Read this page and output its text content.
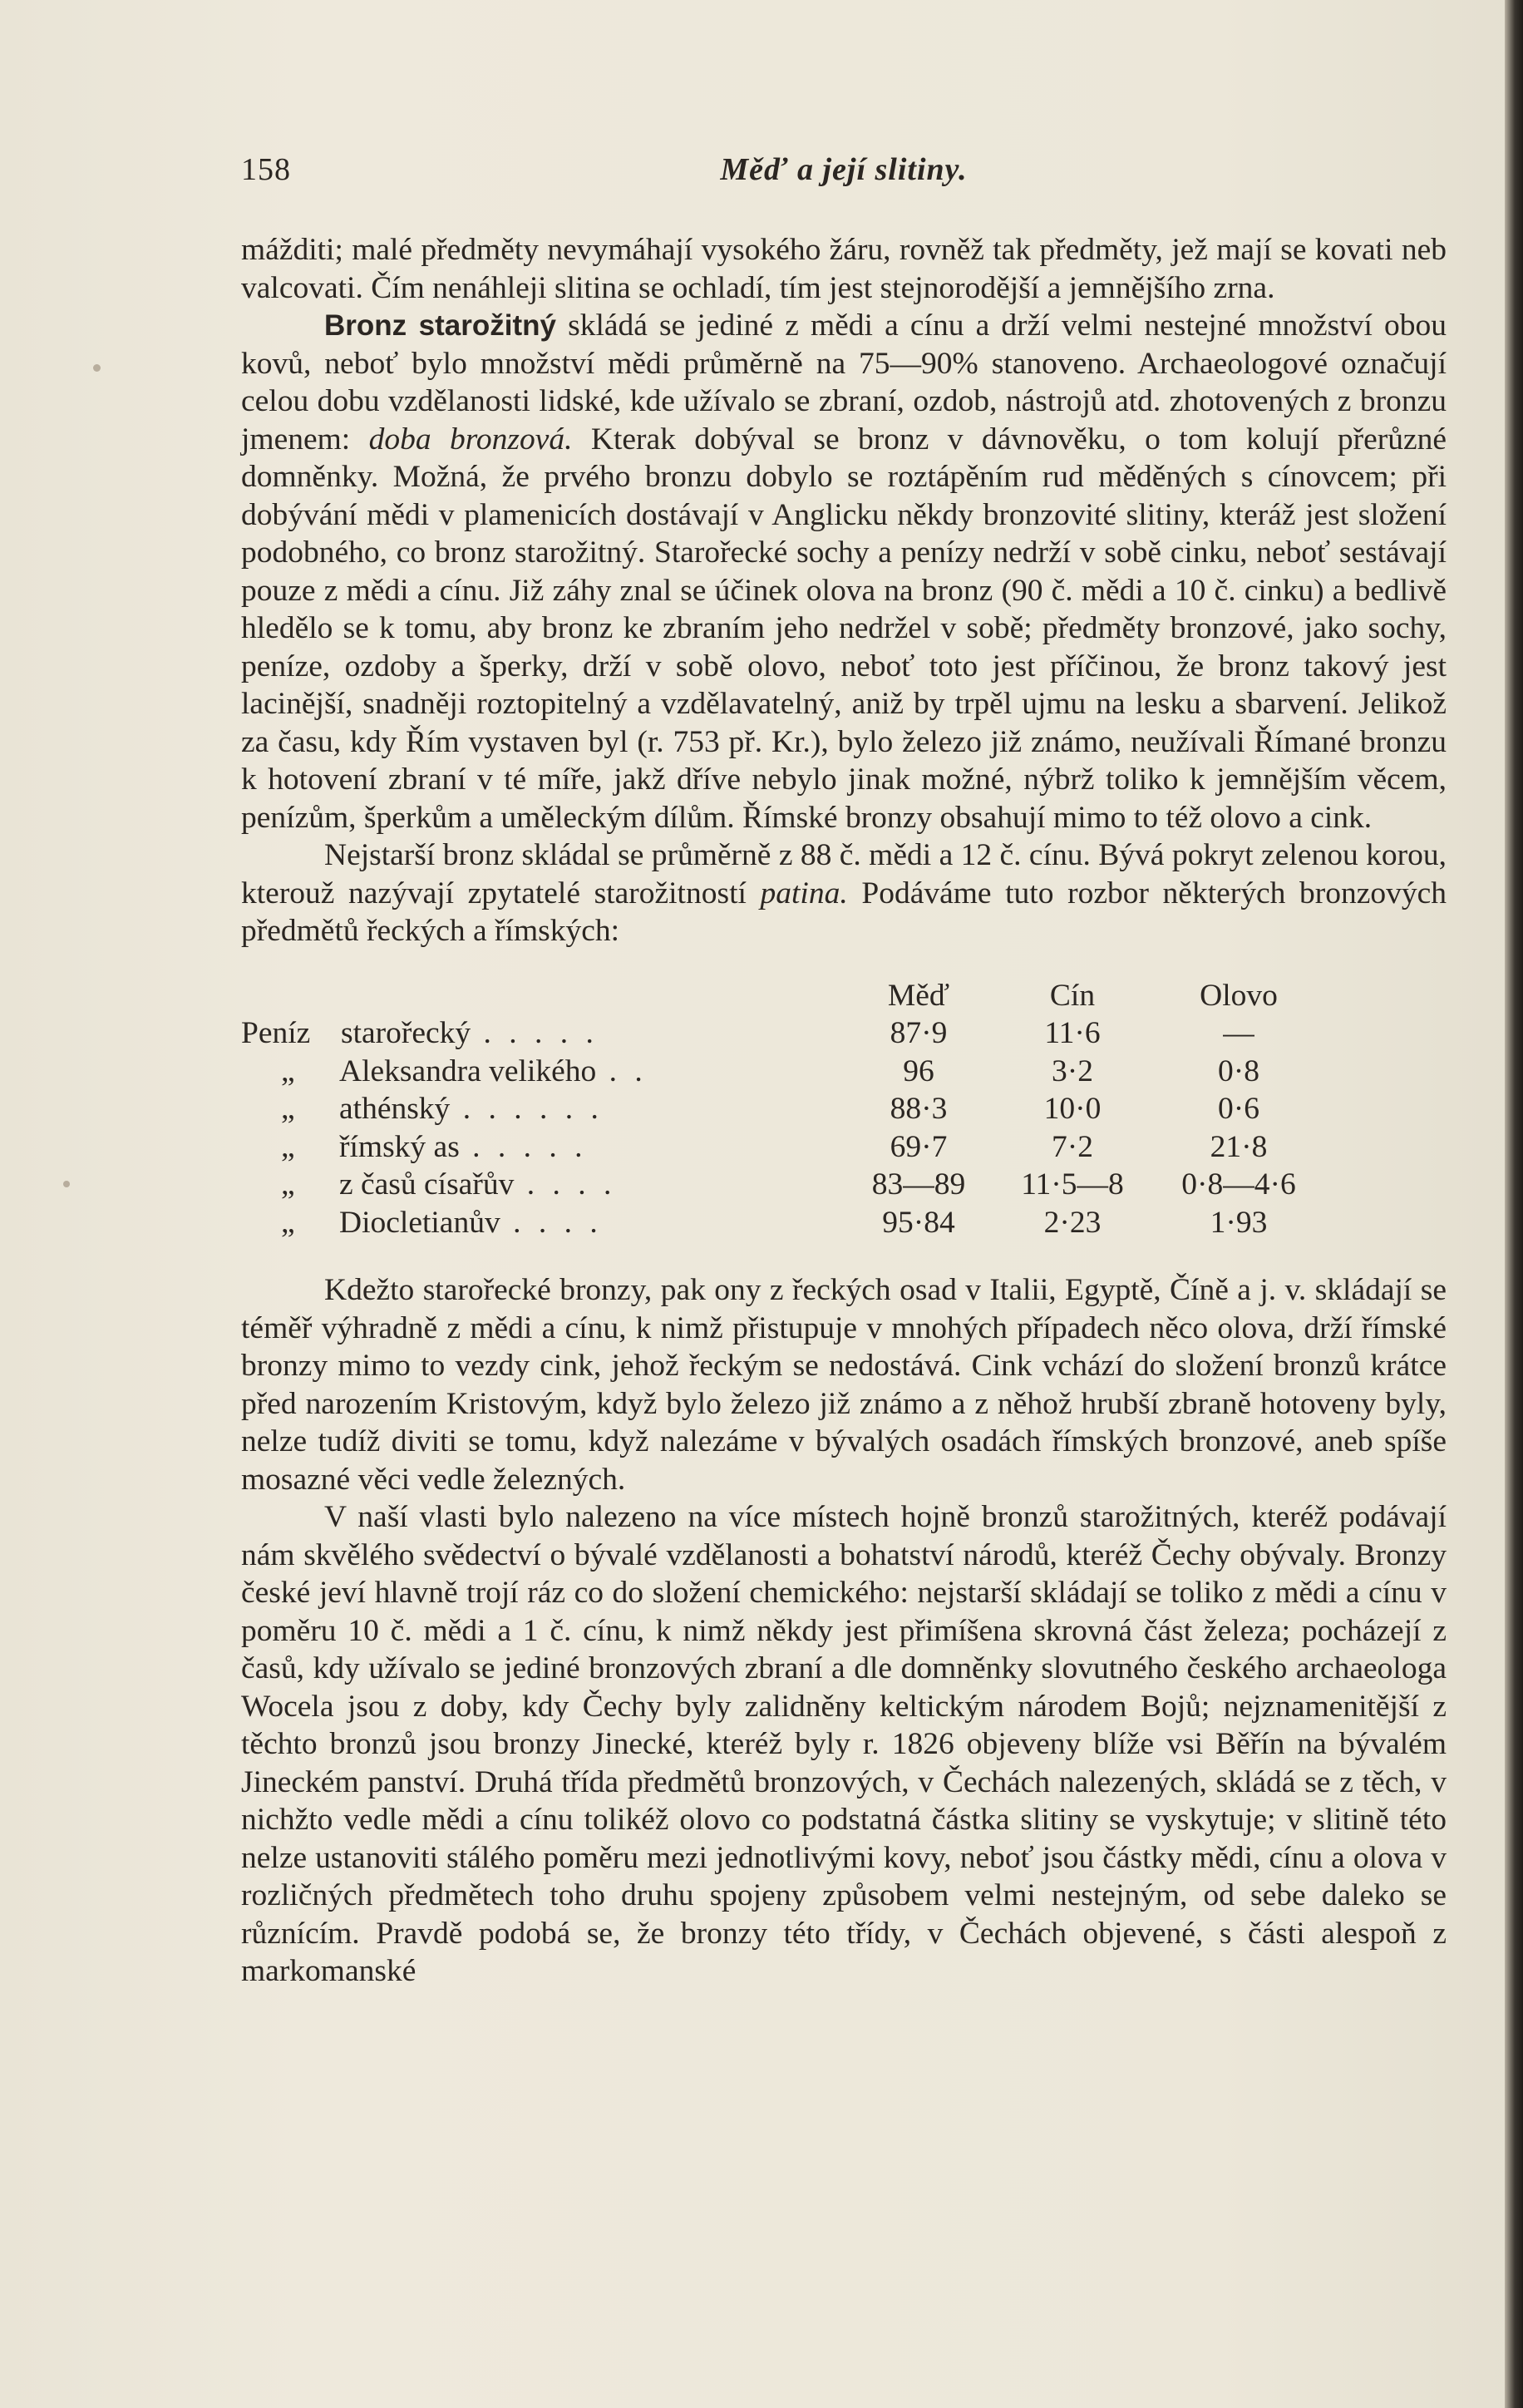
158	Měď a její slitiny.

mážditi; malé předměty nevymáhají vysokého žáru, rovněž tak předměty, jež mají se kovati neb valcovati. Čím nenáhleji slitina se ochladí, tím jest stejnorodější a jemnějšího zrna.

Bronz starožitný skládá se jediné z mědi a cínu a drží velmi nestejné množství obou kovů, neboť bylo množství mědi průměrně na 75—90% stanoveno. Archaeologové označují celou dobu vzdělanosti lidské, kde užívalo se zbraní, ozdob, nástrojů atd. zhotovených z bronzu jmenem: doba bronzová. Kterak dobýval se bronz v dávnověku, o tom kolují přerůzné domněnky. Možná, že prvého bronzu dobylo se roztápěním rud měděných s cínovcem; při dobývání mědi v plamenicích dostávají v Anglicku někdy bronzovité slitiny, kteráž jest složení podobného, co bronz starožitný. Starořecké sochy a penízy nedrží v sobě cinku, neboť sestávají pouze z mědi a cínu. Již záhy znal se účinek olova na bronz (90 č. mědi a 10 č. cinku) a bedlivě hledělo se k tomu, aby bronz ke zbraním jeho nedržel v sobě; předměty bronzové, jako sochy, peníze, ozdoby a šperky, drží v sobě olovo, neboť toto jest příčinou, že bronz takový jest lacinější, snadněji roztopitelný a vzdělavatelný, aniž by trpěl ujmu na lesku a sbarvení. Jelikož za času, kdy Řím vystaven byl (r. 753 př. Kr.), bylo železo již známo, neužívali Římané bronzu k hotovení zbraní v té míře, jakž dříve nebylo jinak možné, nýbrž toliko k jemnějším věcem, penízům, šperkům a uměleckým dílům. Římské bronzy obsahují mimo to též olovo a cink.

Nejstarší bronz skládal se průměrně z 88 č. mědi a 12 č. cínu. Bývá pokryt zelenou korou, kterouž nazývají zpytatelé starožitností patina. Podáváme tuto rozbor některých bronzových předmětů řeckých a římských:

	Měď	Cín	Olovo
Peníz starořecký . . . . .	87·9	11·6	—
„ Aleksandra velikého . .	96	3·2	0·8
„ athénský . . . . . .	88·3	10·0	0·6
„ římský as . . . . .	69·7	7·2	21·8
„ z časů císařův . . . .	83—89	11·5—8	0·8—4·6
„ Diocletianův . . . .	95·84	2·23	1·93

Kdežto starořecké bronzy, pak ony z řeckých osad v Italii, Egyptě, Číně a j. v. skládají se téměř výhradně z mědi a cínu, k nimž přistupuje v mnohých případech něco olova, drží římské bronzy mimo to vezdy cink, jehož řeckým se nedostává. Cink vchází do složení bronzů krátce před narozením Kristovým, když bylo železo již známo a z něhož hrubší zbraně hotoveny byly, nelze tudíž diviti se tomu, když nalezáme v bývalých osadách římských bronzové, aneb spíše mosazné věci vedle železných.

V naší vlasti bylo nalezeno na více místech hojně bronzů starožitných, kteréž podávají nám skvělého svědectví o bývalé vzdělanosti a bohatství národů, kteréž Čechy obývaly. Bronzy české jeví hlavně trojí ráz co do složení chemického: nejstarší skládají se toliko z mědi a cínu v poměru 10 č. mědi a 1 č. cínu, k nimž někdy jest přimíšena skrovná část železa; pocházejí z časů, kdy užívalo se jediné bronzových zbraní a dle domněnky slovutného českého archaeologa Wocela jsou z doby, kdy Čechy byly zalidněny keltickým národem Bojů; nejznamenitější z těchto bronzů jsou bronzy Jinecké, kteréž byly r. 1826 objeveny blíže vsi Běřín na bývalém Jineckém panství. Druhá třída předmětů bronzových, v Čechách nalezených, skládá se z těch, v nichžto vedle mědi a cínu tolikéž olovo co podstatná částka slitiny se vyskytuje; v slitině této nelze ustanoviti stálého poměru mezi jednotlivými kovy, neboť jsou částky mědi, cínu a olova v rozličných předmětech toho druhu spojeny způsobem velmi nestejným, od sebe daleko se různícím. Pravdě podobá se, že bronzy této třídy, v Čechách objevené, s části alespoň z markomanské
